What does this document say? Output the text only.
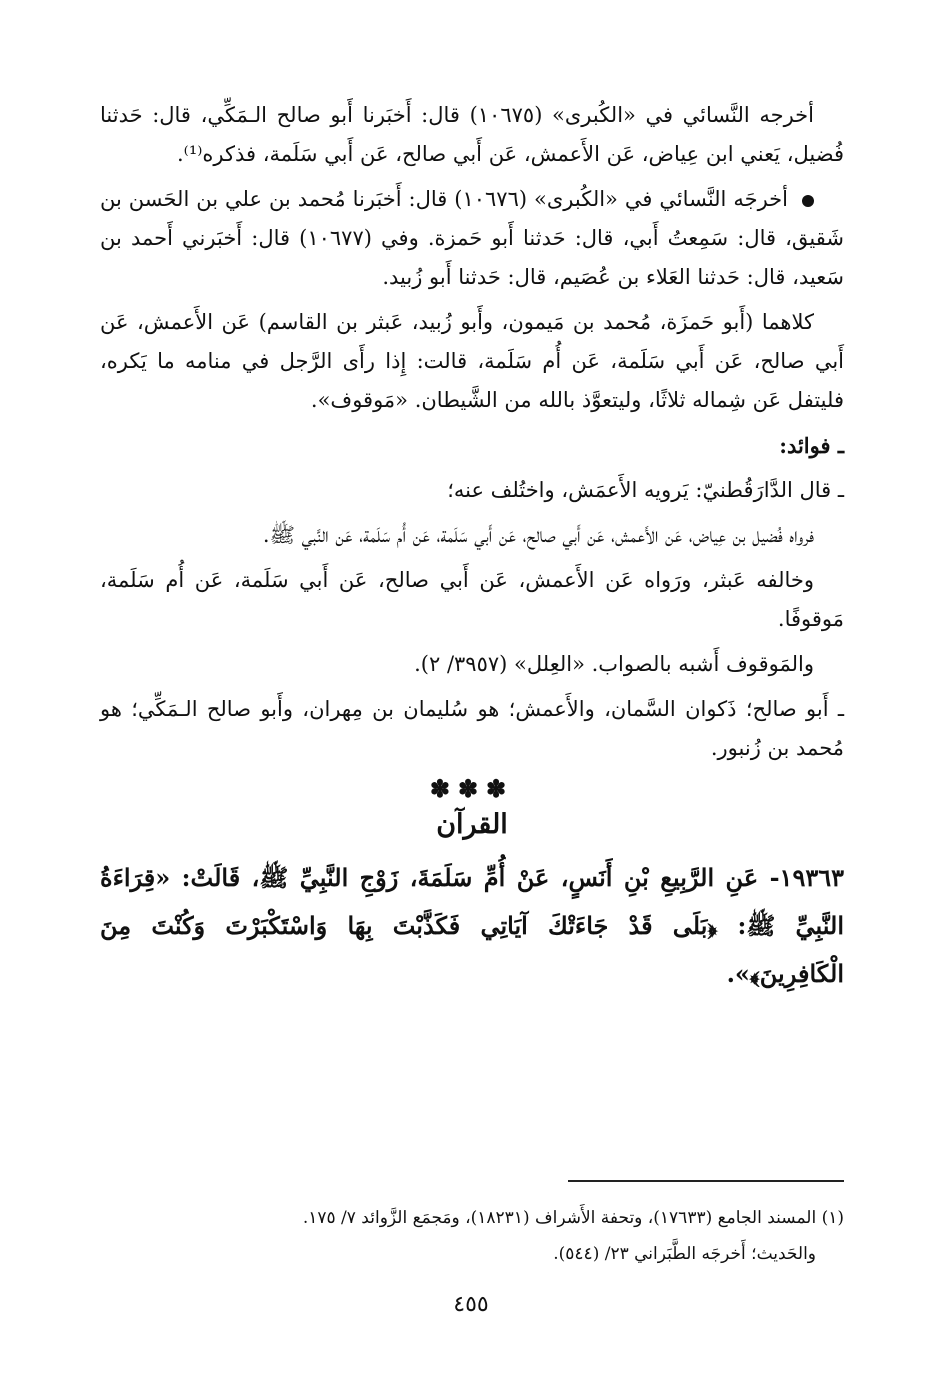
أخرجه النَّسائي في «الكُبرى» (١٠٦٧٥) قال: أَخبَرنا أَبو صالح الـمَكِّي، قال: حَدثنا فُضيل، يَعني ابن عِياض، عَن الأَعمش، عَن أَبي صالح، عَن أَبي سَلَمة، فذكره⁽¹⁾.

أخرجَه النَّسائي في «الكُبرى» (١٠٦٧٦) قال: أَخبَرنا مُحمد بن علي بن الحَسن بن شَقيق، قال: سَمِعتُ أَبي، قال: حَدثنا أَبو حَمزة. وفي (١٠٦٧٧) قال: أَخبَرني أَحمد بن سَعيد، قال: حَدثنا العَلاء بن عُصَيم، قال: حَدثنا أَبو زُبيد.

كلاهما (أَبو حَمزَة، مُحمد بن مَيمون، وأَبو زُبيد، عَبثر بن القاسم) عَن الأَعمش، عَن أَبي صالح، عَن أَبي سَلَمة، عَن أُم سَلَمة، قالت: إِذا رأَى الرَّجل في منامه ما يَكره، فليتفل عَن شِماله ثلاثًا، وليتعوَّذ بالله من الشَّيطان. «مَوقوف».

ـ فوائد:

ـ قال الدَّارَقُطنيّ: يَرويه الأَعمَش، واختُلف عنه؛

فرواه فُضيل بن عِياض، عَن الأَعمش، عَن أَبي صالح، عَن أَبي سَلَمة، عَن أُم سَلَمة، عَن النَّبي ﷺ.

وخالفه عَبثر، ورَواه عَن الأَعمش، عَن أَبي صالح، عَن أَبي سَلَمة، عَن أُم سَلَمة، مَوقوفًا.

والمَوقوف أَشبه بالصواب. «العِلل» (٣٩٥٧/ ٢).

ـ أَبو صالح؛ ذَكوان السَّمان، والأَعمش؛ هو سُليمان بن مِهران، وأَبو صالح الـمَكِّي؛ هو مُحمد بن زُنبور.

✽✽✽
القرآن

١٩٣٦٣- عَنِ الرَّبِيعِ بْنِ أَنَسٍ، عَنْ أُمِّ سَلَمَةَ، زَوْجِ النَّبِيِّ ﷺ، قَالَتْ: «قِرَاءَةُ النَّبِيِّ ﷺ: ﴿بَلَى قَدْ جَاءَتْكَ آيَاتِي فَكَذَّبْتَ بِهَا وَاسْتَكْبَرْتَ وَكُنْتَ مِنَ الْكَافِرِينَ﴾».

(١) المسند الجامع (١٧٦٣٣)، وتحفة الأَشراف (١٨٢٣١)، ومَجمَع الزَّوائد ٧/ ١٧٥.

والحَديث؛ أَخرجَه الطَّبَراني ٢٣/ (٥٤٤).

٤٥٥
